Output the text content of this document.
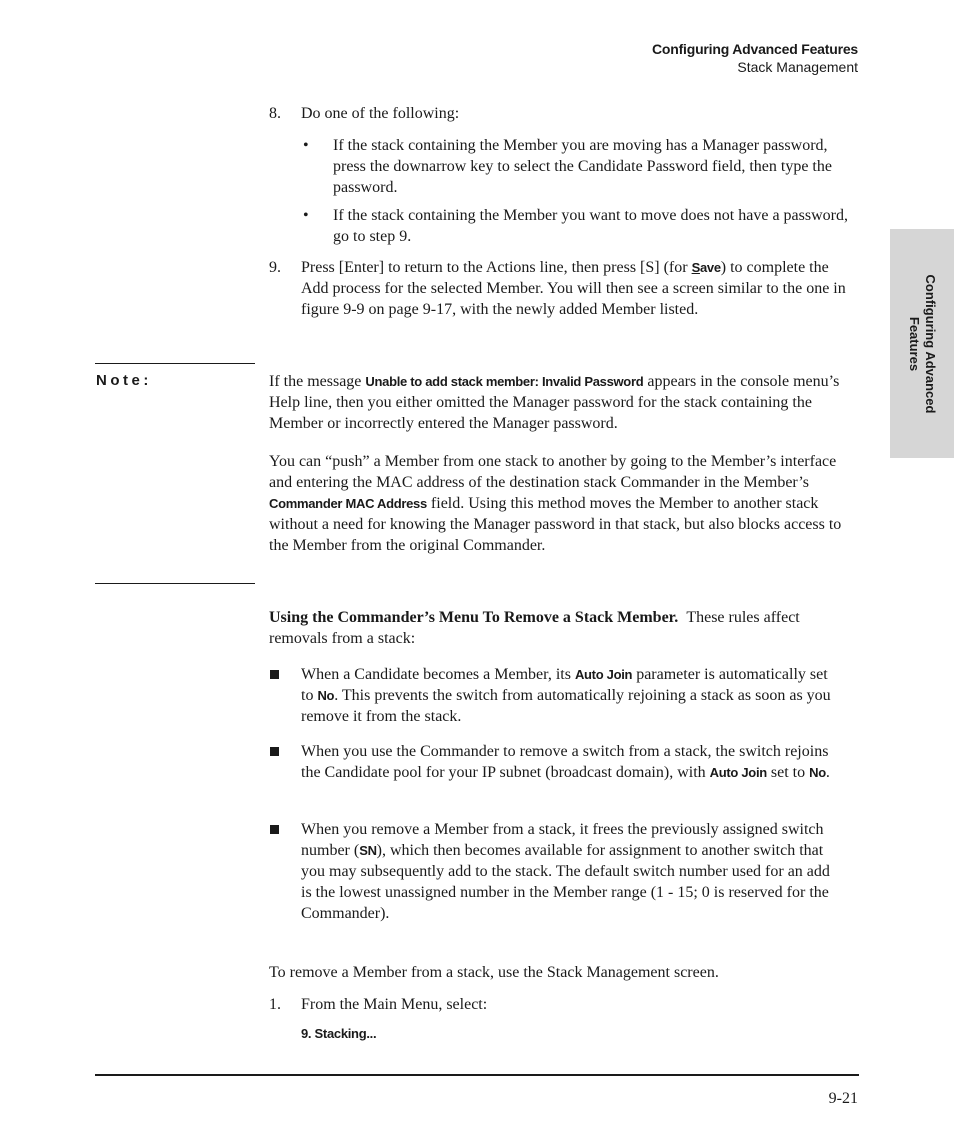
Configuring Advanced Features
Stack Management
Configuring Advanced
Features
8. Do one of the following:
• If the stack containing the Member you are moving has a Manager password, press the downarrow key to select the Candidate Password field, then type the password.
• If the stack containing the Member you want to move does not have a password, go to step 9.
9. Press [Enter] to return to the Actions line, then press [S] (for Save) to complete the Add process for the selected Member. You will then see a screen similar to the one in figure 9-9 on page 9-17, with the newly added Member listed.
Note:	If the message Unable to add stack member: Invalid Password appears in the console menu’s Help line, then you either omitted the Manager password for the stack containing the Member or incorrectly entered the Manager password.
You can “push” a Member from one stack to another by going to the Member’s interface and entering the MAC address of the destination stack Commander in the Member’s Commander MAC Address field. Using this method moves the Member to another stack without a need for knowing the Manager password in that stack, but also blocks access to the Member from the original Commander.
Using the Commander’s Menu To Remove a Stack Member. These rules affect removals from a stack:
When a Candidate becomes a Member, its Auto Join parameter is automatically set to No. This prevents the switch from automatically rejoining a stack as soon as you remove it from the stack.
When you use the Commander to remove a switch from a stack, the switch rejoins the Candidate pool for your IP subnet (broadcast domain), with Auto Join set to No.
When you remove a Member from a stack, it frees the previously assigned switch number (SN), which then becomes available for assignment to another switch that you may subsequently add to the stack. The default switch number used for an add is the lowest unassigned number in the Member range (1 - 15; 0 is reserved for the Commander).
To remove a Member from a stack, use the Stack Management screen.
1. From the Main Menu, select:
9. Stacking...
9-21
